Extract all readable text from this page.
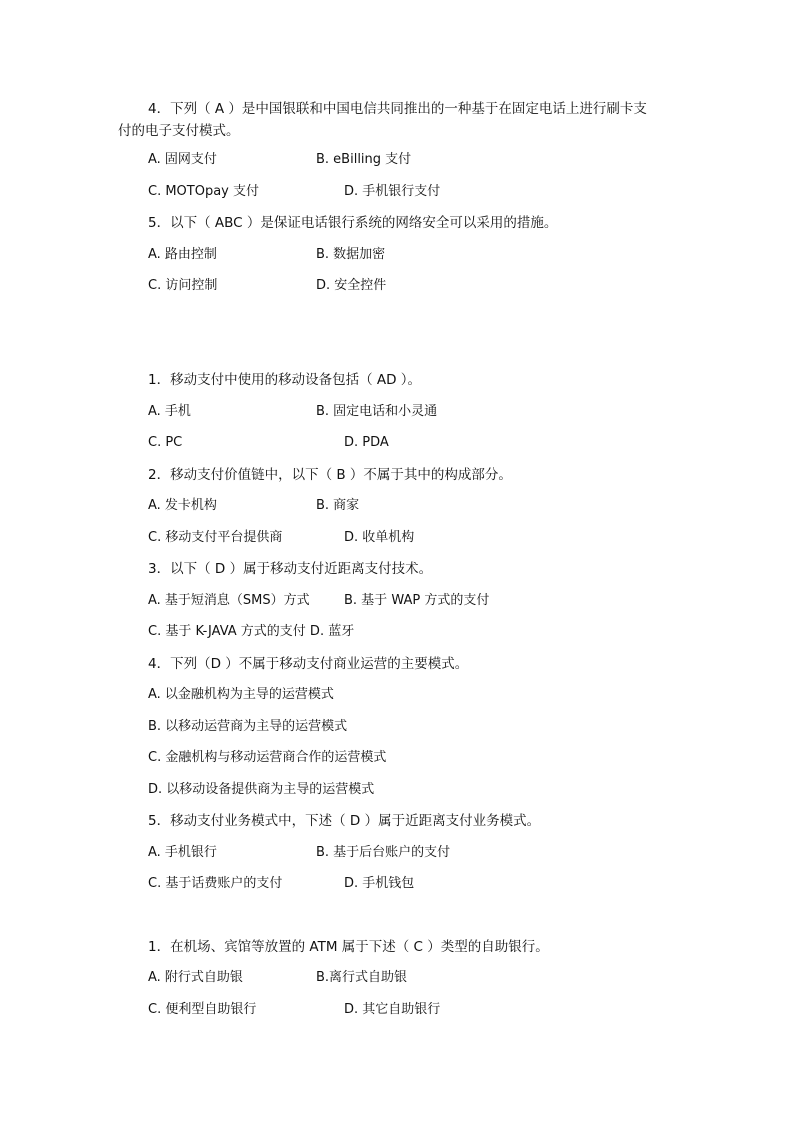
4．下列（ A ）是中国银联和中国电信共同推出的一种基于在固定电话上进行刷卡支
付的电子支付模式。
A. 固网支付	B. eBilling 支付
C. MOTOpay 支付	D. 手机银行支付
5．以下（ ABC ）是保证电话银行系统的网络安全可以采用的措施。
A. 路由控制	B. 数据加密
C. 访问控制	D. 安全控件
1．移动支付中使用的移动设备包括（ AD ）。
A. 手机	B. 固定电话和小灵通
C. PC	D. PDA
2．移动支付价值链中，以下（ B ）不属于其中的构成部分。
A. 发卡机构	B. 商家
C. 移动支付平台提供商	D. 收单机构
3．以下（ D ）属于移动支付近距离支付技术。
A. 基于短消息（SMS）方式	B. 基于 WAP 方式的支付
C. 基于 K-JAVA 方式的支付 D. 蓝牙
4．下列（D ）不属于移动支付商业运营的主要模式。
A. 以金融机构为主导的运营模式
B. 以移动运营商为主导的运营模式
C. 金融机构与移动运营商合作的运营模式
D. 以移动设备提供商为主导的运营模式
5．移动支付业务模式中，下述（ D ）属于近距离支付业务模式。
A. 手机银行	B. 基于后台账户的支付
C. 基于话费账户的支付	D. 手机钱包
1．在机场、宾馆等放置的 ATM 属于下述（ C ）类型的自助银行。
A. 附行式自助银	B.离行式自助银
C. 便利型自助银行	D. 其它自助银行
